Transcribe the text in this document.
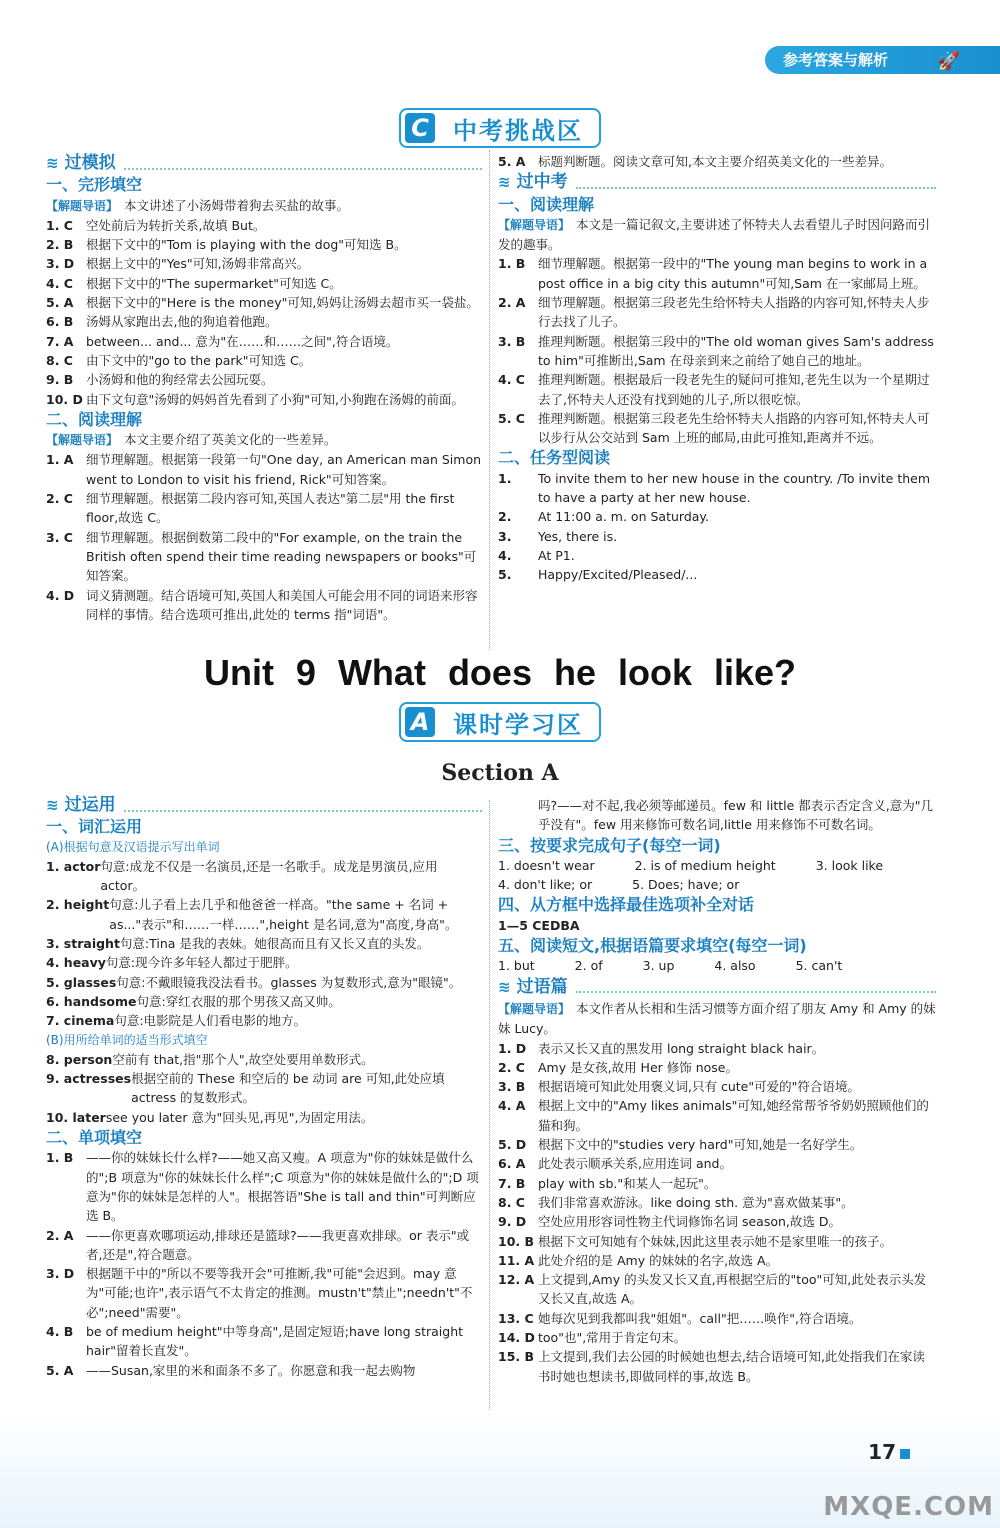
参考答案与解析	🚀
C 中考挑战区
≋ 过模拟
一、完形填空
【解题导语】 本文讲述了小汤姆带着狗去买盐的故事。
1. C	空处前后为转折关系,故填 But。
2. B	根据下文中的"Tom is playing with the dog"可知选 B。
3. D 根据上文中的"Yes"可知,汤姆非常高兴。
4. C	根据下文中的"The supermarket"可知选 C。
5. A	根据下文中的"Here is the money"可知,妈妈让汤姆去超市买一袋盐。
6. B	汤姆从家跑出去,他的狗追着他跑。
7. A	between... and... 意为"在……和……之间",符合语境。
8. C	由下文中的"go to the park"可知选 C。
9. B	小汤姆和他的狗经常去公园玩耍。
10. D 由下文句意"汤姆的妈妈首先看到了小狗"可知,小狗跑在汤姆的前面。
二、阅读理解
【解题导语】 本文主要介绍了英美文化的一些差异。
1. A	细节理解题。根据第一段第一句"One day, an American man Simon went to London to visit his friend, Rick"可知答案。
2. C	细节理解题。根据第二段内容可知,英国人表达"第二层"用 the first floor,故选 C。
3. C	细节理解题。根据倒数第二段中的"For example, on the train the British often spend their time reading newspapers or books"可知答案。
4. D 词义猜测题。结合语境可知,英国人和美国人可能会用不同的词语来形容同样的事情。结合选项可推出,此处的 terms 指"词语"。
5. A	标题判断题。阅读文章可知,本文主要介绍英美文化的一些差异。
≋ 过中考
一、阅读理解
【解题导语】 本文是一篇记叙文,主要讲述了怀特夫人去看望儿子时因问路而引发的趣事。
1. B	细节理解题。根据第一段中的"The young man begins to work in a post office in a big city this autumn"可知,Sam 在一家邮局上班。
2. A	细节理解题。根据第三段老先生给怀特夫人指路的内容可知,怀特夫人步行去找了儿子。
3. B	推理判断题。根据第三段中的"The old woman gives Sam's address to him"可推断出,Sam 在母亲到来之前给了她自己的地址。
4. C	推理判断题。根据最后一段老先生的疑问可推知,老先生以为一个星期过去了,怀特夫人还没有找到她的儿子,所以很吃惊。
5. C	推理判断题。根据第三段老先生给怀特夫人指路的内容可知,怀特夫人可以步行从公交站到 Sam 上班的邮局,由此可推知,距离并不远。
二、任务型阅读
1.	To invite them to her new house in the country. /To invite them to have a party at her new house.
2.	At 11:00 a. m. on Saturday.
3.	Yes, there is.
4.	At P1.
5.	Happy/Excited/Pleased/...
Unit 9 What does he look like?
A 课时学习区
Section A
≋ 过运用
一、词汇运用
(A)根据句意及汉语提示写出单词
1. actor 句意:成龙不仅是一名演员,还是一名歌手。成龙是男演员,应用 actor。
2. height 句意:儿子看上去几乎和他爸爸一样高。"the same + 名词 + as..."表示"和……一样……",height 是名词,意为"高度,身高"。
3. straight 句意:Tina 是我的表妹。她很高而且有又长又直的头发。
4. heavy 句意:现今许多年轻人都过于肥胖。
5. glasses 句意:不戴眼镜我没法看书。glasses 为复数形式,意为"眼镜"。
6. handsome 句意:穿红衣服的那个男孩又高又帅。
7. cinema 句意:电影院是人们看电影的地方。
(B)用所给单词的适当形式填空
8. person 空前有 that,指"那个人",故空处要用单数形式。
9. actresses 根据空前的 These 和空后的 be 动词 are 可知,此处应填 actress 的复数形式。
10. later see you later 意为"回头见,再见",为固定用法。
二、单项填空
1. B	——你的妹妹长什么样?——她又高又瘦。A 项意为"你的妹妹是做什么的";B 项意为"你的妹妹长什么样";C 项意为"你的妹妹是做什么的";D 项意为"你的妹妹是怎样的人"。根据答语"She is tall and thin"可判断应选 B。
2. A	——你更喜欢哪项运动,排球还是篮球?——我更喜欢排球。or 表示"或者,还是",符合题意。
3. D 根据题干中的"所以不要等我开会"可推断,我"可能"会迟到。may 意为"可能;也许",表示语气不太肯定的推测。mustn't"禁止";needn't"不必";need"需要"。
4. B	be of medium height"中等身高",是固定短语;have long straight hair"留着长直发"。
5. A	——Susan,家里的米和面条不多了。你愿意和我一起去购物
吗?——对不起,我必须等邮递员。few 和 little 都表示否定含义,意为"几乎没有"。few 用来修饰可数名词,little 用来修饰不可数名词。
三、按要求完成句子(每空一词)
1. doesn't wear	2. is of medium height	3. look like
4. don't like; or	5. Does; have; or
四、从方框中选择最佳选项补全对话
1—5 CEDBA
五、阅读短文,根据语篇要求填空(每空一词)
1. but	2. of	3. up	4. also	5. can't
≋ 过语篇
【解题导语】 本文作者从长相和生活习惯等方面介绍了朋友 Amy 和 Amy 的妹妹 Lucy。
1. D 表示又长又直的黑发用 long straight black hair。
2. C	Amy 是女孩,故用 Her 修饰 nose。
3. B	根据语境可知此处用褒义词,只有 cute"可爱的"符合语境。
4. A	根据上文中的"Amy likes animals"可知,她经常帮爷爷奶奶照顾他们的猫和狗。
5. D 根据下文中的"studies very hard"可知,她是一名好学生。
6. A	此处表示顺承关系,应用连词 and。
7. B	play with sb."和某人一起玩"。
8. C	我们非常喜欢游泳。like doing sth. 意为"喜欢做某事"。
9. D 空处应用形容词性物主代词修饰名词 season,故选 D。
10. B 根据下文可知她有个妹妹,因此这里表示她不是家里唯一的孩子。
11. A 此处介绍的是 Amy 的妹妹的名字,故选 A。
12. A 上文提到,Amy 的头发又长又直,再根据空后的"too"可知,此处表示头发又长又直,故选 A。
13. C 她每次见到我都叫我"姐姐"。call"把……唤作",符合语境。
14. D too"也",常用于肯定句末。
15. B 上文提到,我们去公园的时候她也想去,结合语境可知,此处指我们在家读书时她也想读书,即做同样的事,故选 B。
17
MXQE.COM
